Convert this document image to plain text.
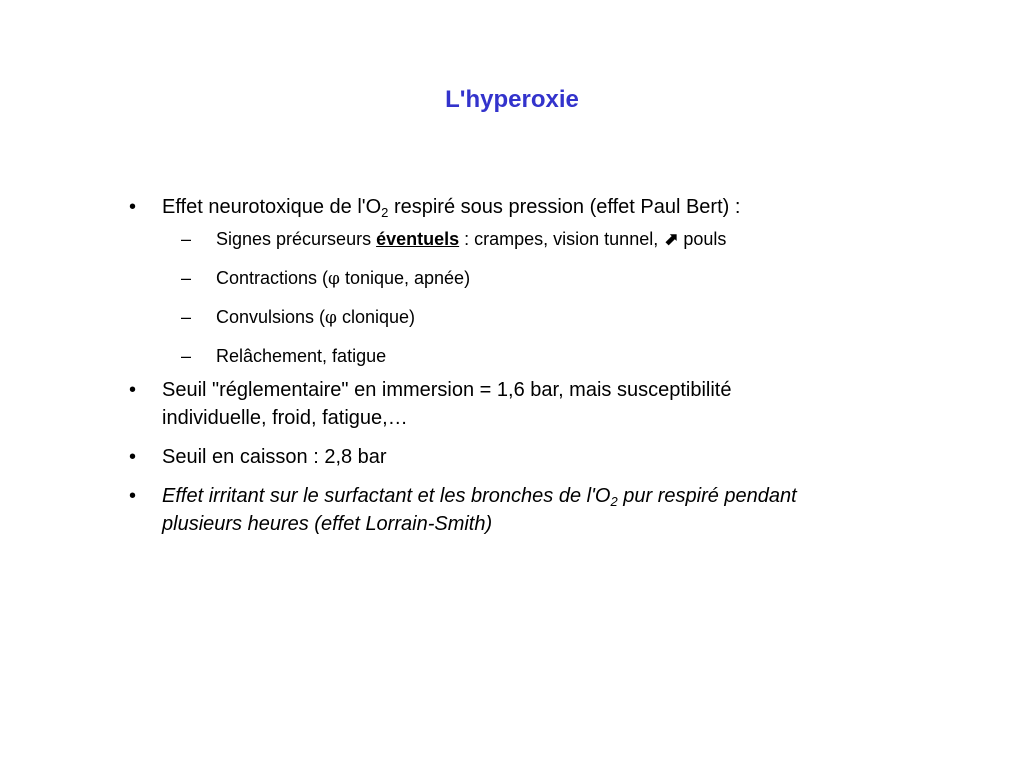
L'hyperoxie
• Effet neurotoxique de $l'O_2$ respiré sous pression (effet Paul Bert) :
– Signes précurseurs éventuels : crampes, vision tunnel, ⬈ pouls
– Contractions (φ tonique, apnée)
– Convulsions (φ clonique)
– Relâchement, fatigue
• Seuil "réglementaire" en immersion = 1,6 bar, mais susceptibilité
individuelle, froid, fatigue,…
• Seuil en caisson : 2,8 bar
• Effet irritant sur le surfactant et les bronches de $l'O_2$ pur respiré pendant
plusieurs heures (effet Lorrain-Smith)
